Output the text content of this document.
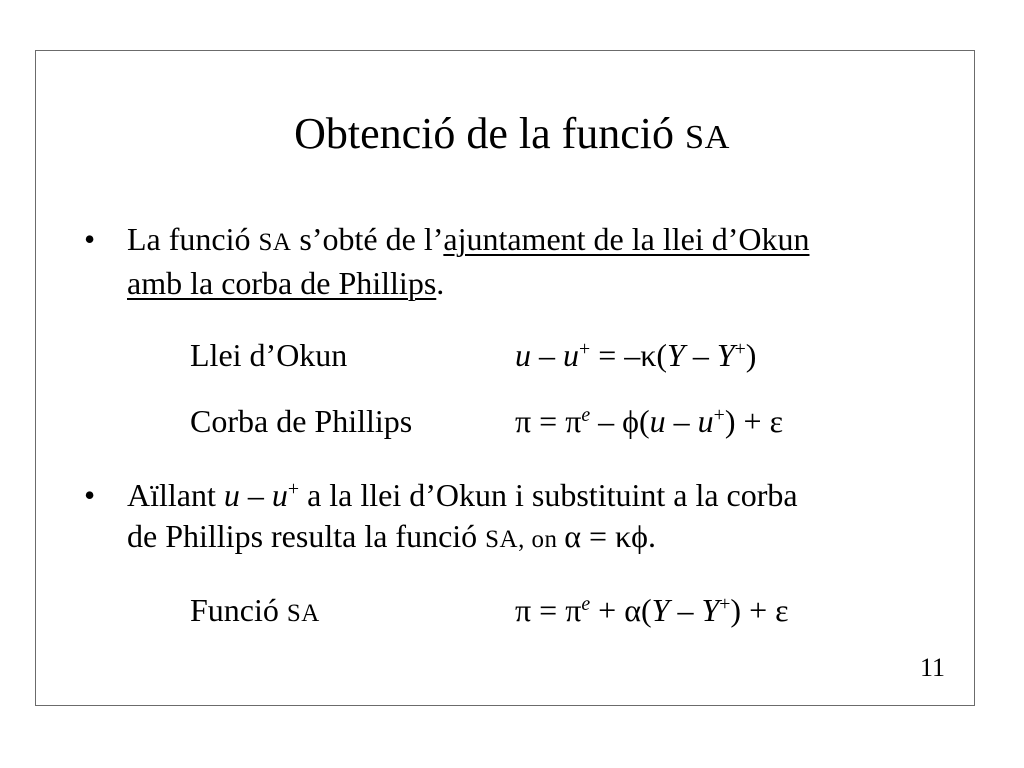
Obtenció de la funció SA
• La funció SA s’obté de l’ajuntament de la llei d’Okun
amb la corba de Phillips.
Llei d’Okun	u – u+ = –κ(Y – Y+)
Corba de Phillips	$\pi = \pi^e - \phi(u - u^+) + \varepsilon$
• Aïllant u – u+ a la llei d’Okun i substituint a la corba
de Phillips resulta la funció SA, on α = κϕ.
Funció SA	$\pi = \pi^e + \alpha(Y - Y^+) + \varepsilon$
11
